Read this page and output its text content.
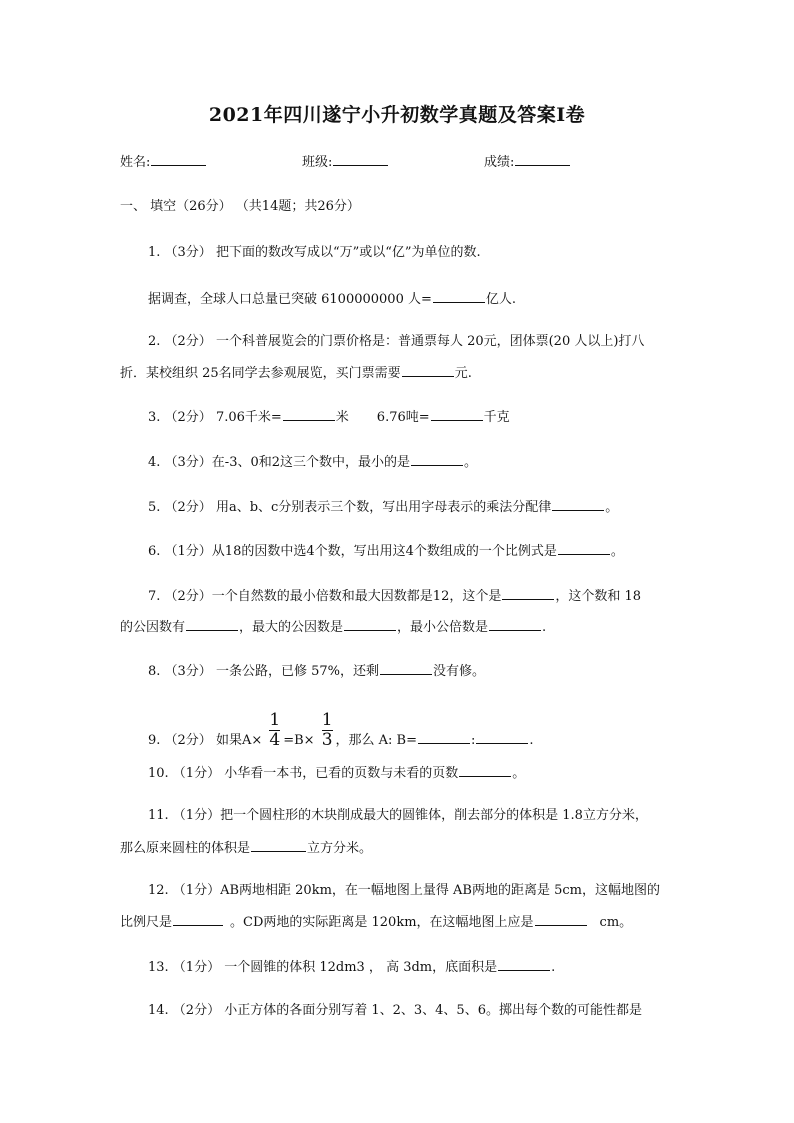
2021年四川遂宁小升初数学真题及答案Ⅰ卷
姓名:	班级:	成绩:
一、 填空（26分） （共14题；共26分）
1. （3分） 把下面的数改写成以“万”或以“亿”为单位的数.
据调查，全球人口总量已突破 6100000000 人=	亿人.
2. （2分） 一个科普展览会的门票价格是：普通票每人 20元，团体票(20 人以上)打八
折．某校组织 25名同学去参观展览，买门票需要	元.
3. （2分） 7.06千米=	米 6.76吨=	千克
4. （3分）在-3、0和2这三个数中，最小的是	。
5. （2分） 用a、b、c分别表示三个数，写出用字母表示的乘法分配律	。
6. （1分）从18的因数中选4个数，写出用这4个数组成的一个比例式是	。
7. （2分）一个自然数的最小倍数和最大因数都是12，这个是	，这个数和 18
的公因数有	，最大的公因数是	，最小公倍数是	.
8. （3分） 一条公路，已修 57%，还剩	没有修。
9. （2分） 如果$A\times \frac{1}{4} =B\times \frac{1}{3}$ ，那么 A: B=	:	.
10. （1分） 小华看一本书，已看的页数与未看的页数	。
11. （1分）把一个圆柱形的木块削成最大的圆锥体，削去部分的体积是 1.8立方分米，
那么原来圆柱的体积是	立方分米。
12. （1分）AB两地相距 20km，在一幅地图上量得 AB两地的距离是 5cm，这幅地图的
比例尺是	。CD两地的实际距离是 120km，在这幅地图上应是	cm。
13. （1分） 一个圆锥的体积 12dm3 ， 高 3dm，底面积是	.
14. （2分） 小正方体的各面分别写着 1、2、3、4、5、6。掷出每个数的可能性都是
